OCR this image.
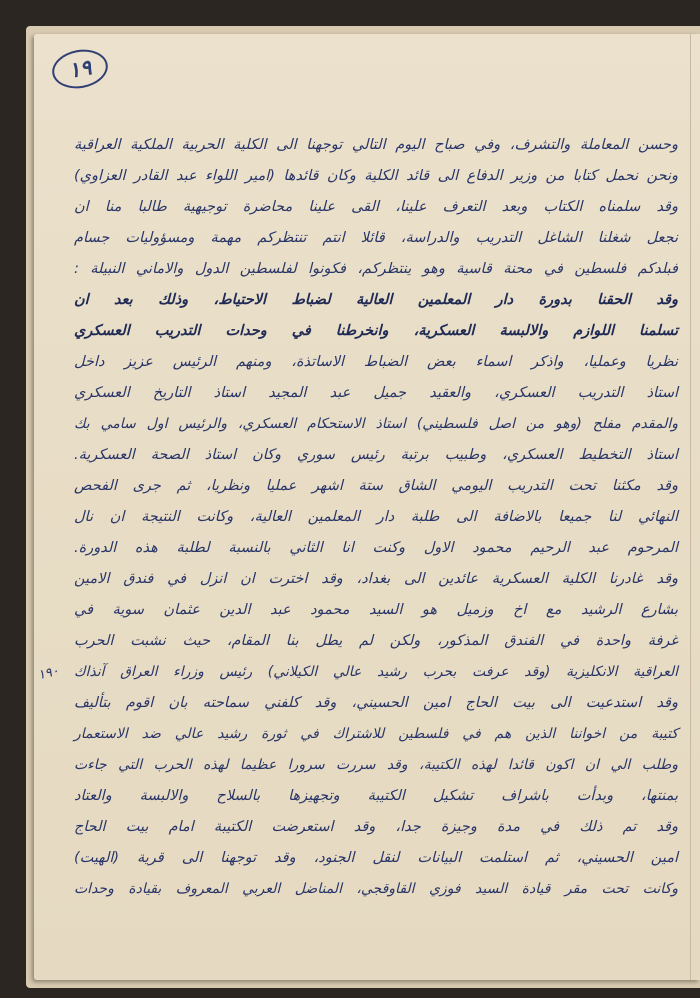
١٩
١٩٠
وحسن المعاملة والتشرف، وفي صباح اليوم التالي توجهنا الى الكلية الحربية الملكية العراقية
ونحن نحمل كتابا من وزير الدفاع الى قائد الكلية وكان قائدها (امير اللواء عبد القادر العزاوي)
وقد سلمناه الكتاب وبعد التعرف علينا، القى علينا محاضرة توجيهية طالبا منا ان
نجعل شغلنا الشاغل التدريب والدراسة، قائلا انتم تنتظركم مهمة ومسؤوليات جسام
فبلدكم فلسطين في محنة قاسية وهو ينتظركم، فكونوا لفلسطين الدول والاماني النبيلة :
وقد الحقنا بدورة دار المعلمين العالية لضباط الاحتياط، وذلك بعد ان
تسلمنا اللوازم والالبسة العسكرية، وانخرطنا في وحدات التدريب العسكري
نظريا وعمليا، واذكر اسماء بعض الضباط الاساتذة، ومنهم الرئيس عزيز داخل
استاذ التدريب العسكري، والعقيد جميل عبد المجيد استاذ التاريخ العسكري
والمقدم مفلح (وهو من اصل فلسطيني) استاذ الاستحكام العسكري، والرئيس اول سامي بك
استاذ التخطيط العسكري، وطبيب برتبة رئيس سوري وكان استاذ الصحة العسكرية.
وقد مكثنا تحت التدريب اليومي الشاق ستة اشهر عمليا ونظريا، ثم جرى الفحص
النهائي لنا جميعا بالاضافة الى طلبة دار المعلمين العالية، وكانت النتيجة ان نال
المرحوم عبد الرحيم محمود الاول وكنت انا الثاني بالنسبة لطلبة هذه الدورة.
وقد غادرنا الكلية العسكرية عائدين الى بغداد، وقد اخترت ان انزل في فندق الامين
بشارع الرشيد مع اخ وزميل هو السيد محمود عبد الدين عثمان سوية في
غرفة واحدة في الفندق المذكور، ولكن لم يطل بنا المقام، حيث نشبت الحرب
العراقية الانكليزية (وقد عرفت بحرب رشيد عالي الكيلاني) رئيس وزراء العراق آنذاك
وقد استدعيت الى بيت الحاج امين الحسيني، وقد كلفني سماحته بان اقوم بتأليف
كتيبة من اخواننا الذين هم في فلسطين للاشتراك في ثورة رشيد عالي ضد الاستعمار
وطلب الي ان اكون قائدا لهذه الكتيبة، وقد سررت سرورا عظيما لهذه الحرب التي جاءت
بمنتها، وبدأت باشراف تشكيل الكتيبة وتجهيزها بالسلاح والالبسة والعتاد
وقد تم ذلك في مدة وجيزة جدا، وقد استعرضت الكتيبة امام بيت الحاج
امين الحسيني، ثم استلمت البيانات لنقل الجنود، وقد توجهنا الى قرية (الهيت)
وكانت تحت مقر قيادة السيد فوزي القاوقجي، المناضل العربي المعروف بقيادة وحدات
